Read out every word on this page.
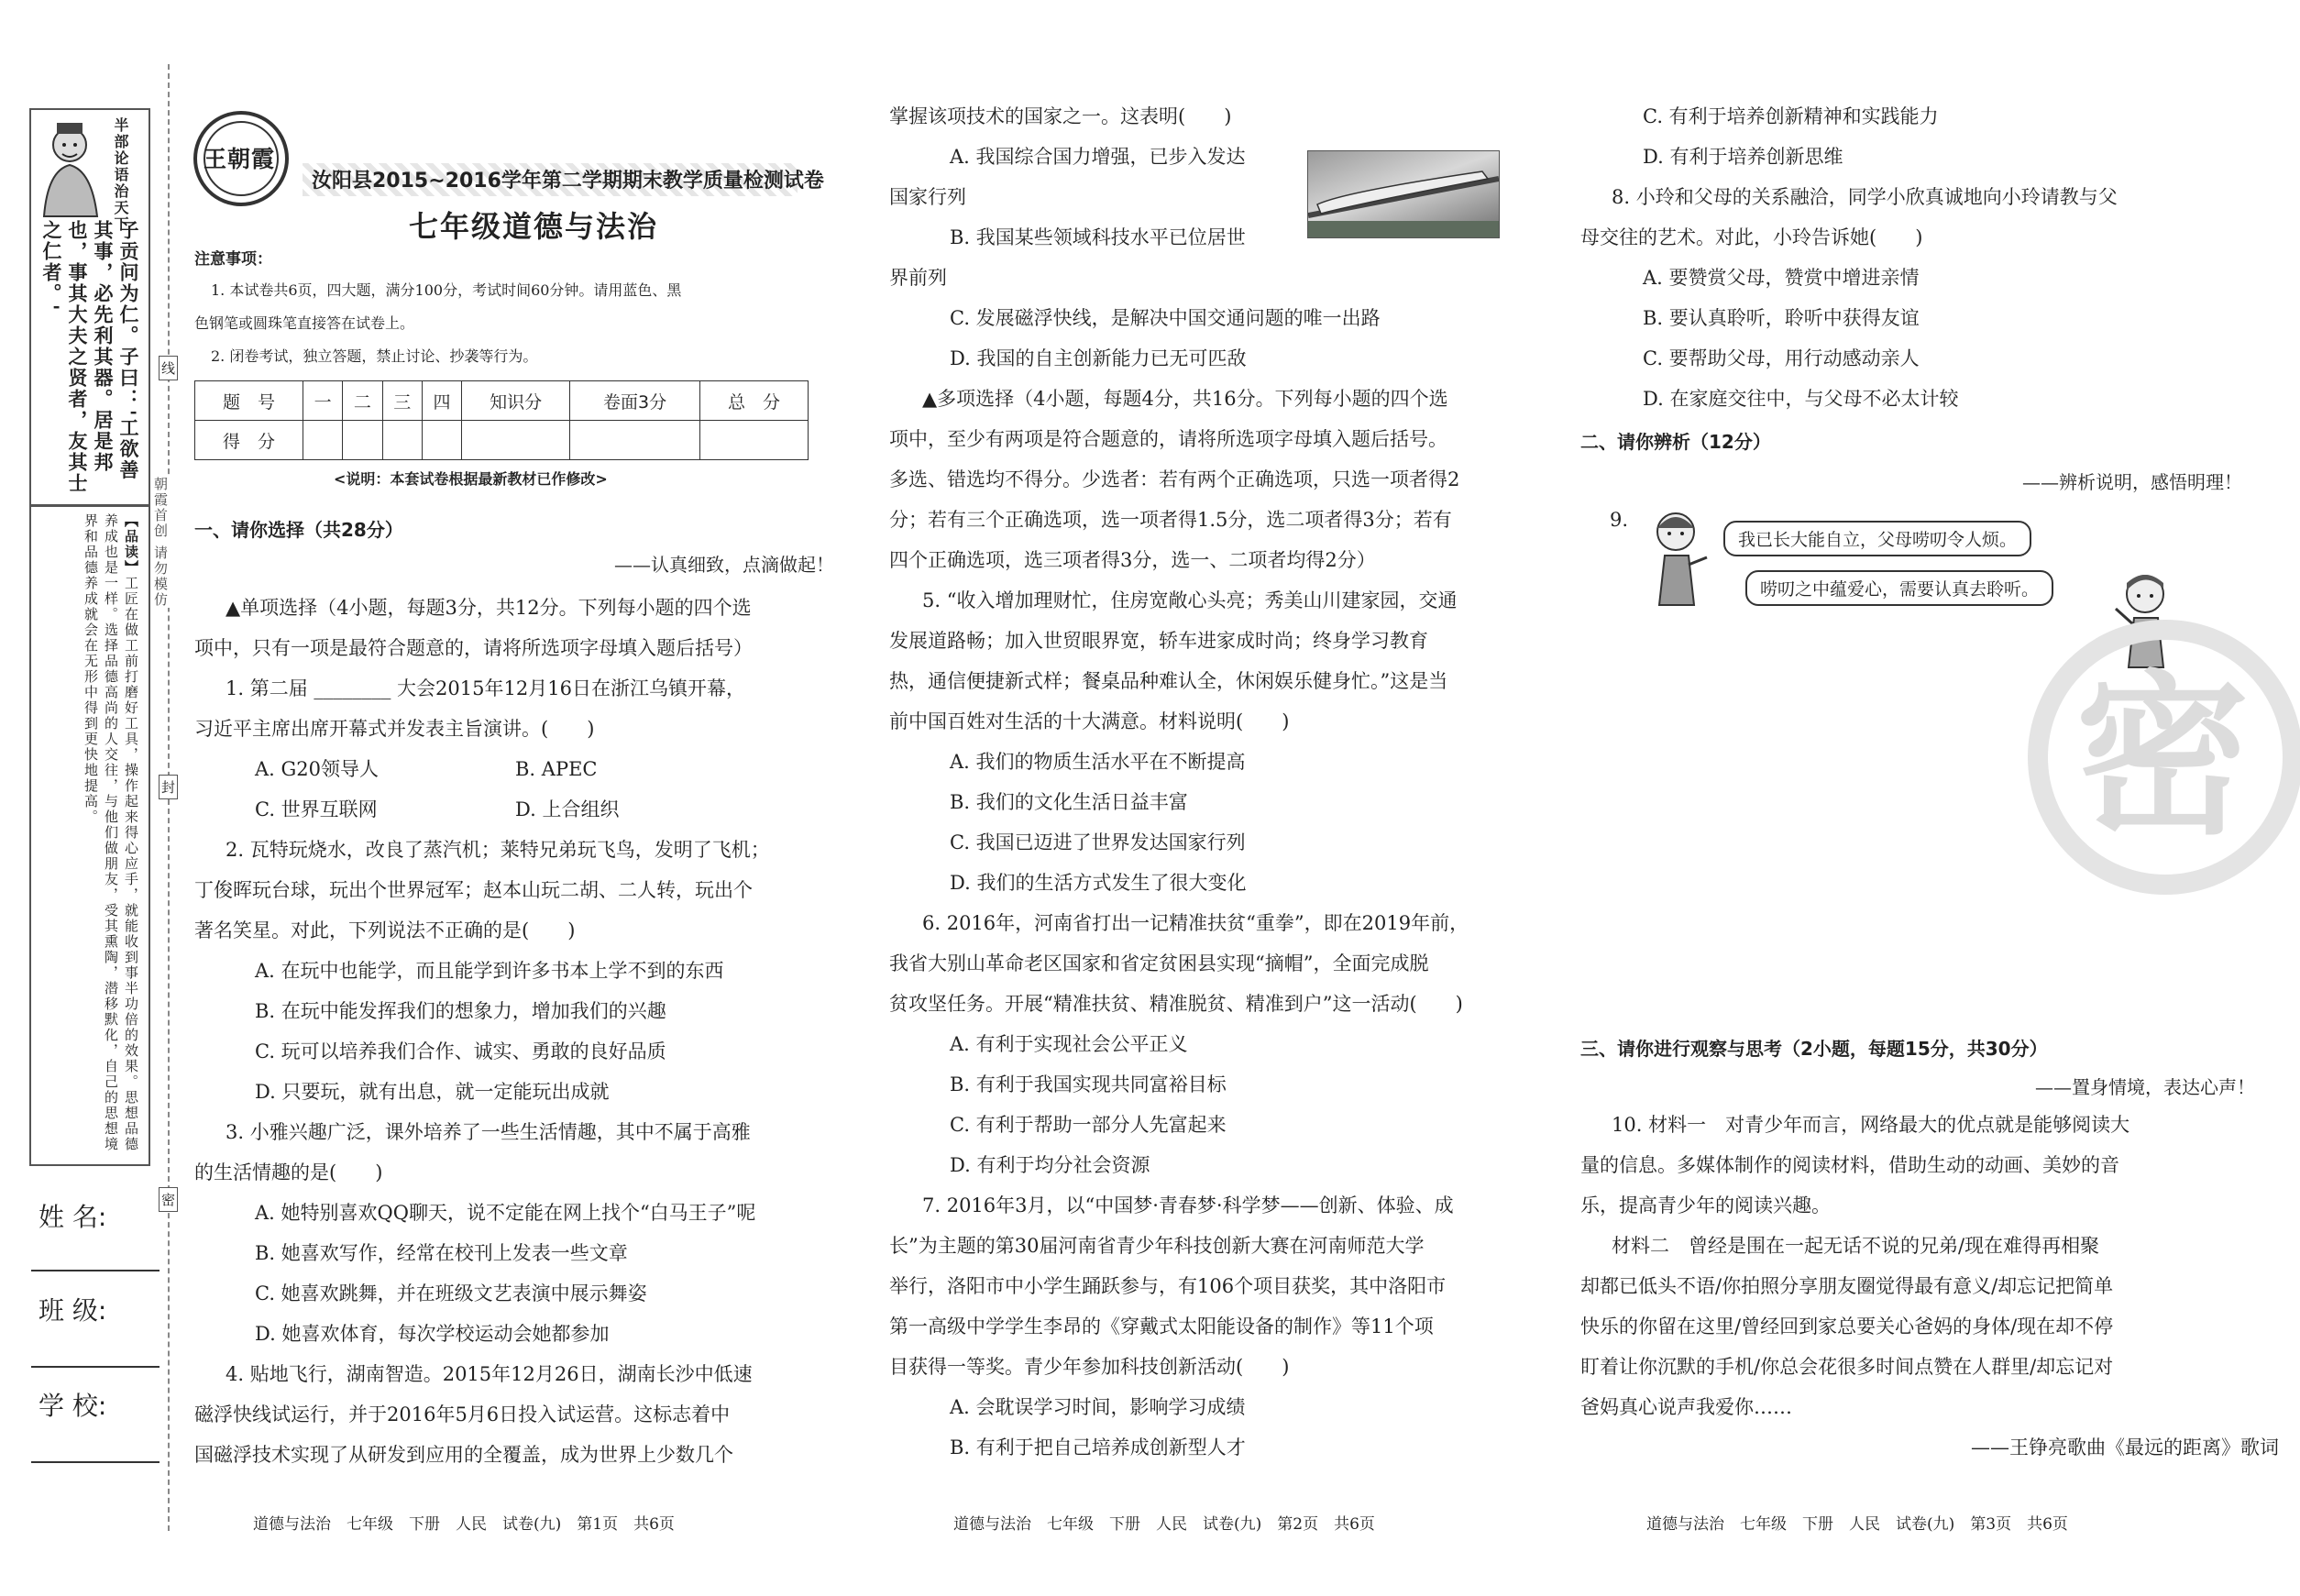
半部论语治天下
子贡问为仁。子曰：'工欲善其事，必先利其器。居是邦也，事其大夫之贤者，友其士之仁者。'
【品读】工匠在做工前打磨好工具，操作起来得心应手，就能收到事半功倍的效果。思想品德养成也是一样。选择品德高尚的人交往，与他们做朋友，受其熏陶，潜移默化，自己的思想境界和品德养成就会在无形中得到更快地提高。	朝霞首创 请勿模仿
线
封
密
姓 名:
班 级:
学 校:
王朝霞
汝阳县2015~2016学年第二学期期末教学质量检测试卷
七年级道德与法治
注意事项：
1. 本试卷共6页，四大题，满分100分，考试时间60分钟。请用蓝色、黑
色钢笔或圆珠笔直接答在试卷上。
2. 闭卷考试，独立答题，禁止讨论、抄袭等行为。
题　号	一	二	三	四	知识分	卷面3分	总　分
得　分							
<说明：本套试卷根据最新教材已作修改>
一、请你选择（共28分）
——认真细致，点滴做起！
▲单项选择（4小题，每题3分，共12分。下列每小题的四个选
项中，只有一项是最符合题意的，请将所选项字母填入题后括号）
1. 第二届 ________ 大会2015年12月16日在浙江乌镇开幕，
习近平主席出席开幕式并发表主旨演讲。(　　)
A. G20领导人	B. APEC
C. 世界互联网	D. 上合组织
2. 瓦特玩烧水，改良了蒸汽机；莱特兄弟玩飞鸟，发明了飞机；
丁俊晖玩台球，玩出个世界冠军；赵本山玩二胡、二人转，玩出个
著名笑星。对此，下列说法不正确的是(　　)
A. 在玩中也能学，而且能学到许多书本上学不到的东西
B. 在玩中能发挥我们的想象力，增加我们的兴趣
C. 玩可以培养我们合作、诚实、勇敢的良好品质
D. 只要玩，就有出息，就一定能玩出成就
3. 小雅兴趣广泛，课外培养了一些生活情趣，其中不属于高雅
的生活情趣的是(　　)
A. 她特别喜欢QQ聊天，说不定能在网上找个“白马王子”呢
B. 她喜欢写作，经常在校刊上发表一些文章
C. 她喜欢跳舞，并在班级文艺表演中展示舞姿
D. 她喜欢体育，每次学校运动会她都参加
4. 贴地飞行，湖南智造。2015年12月26日，湖南长沙中低速
磁浮快线试运行，并于2016年5月6日投入试运营。这标志着中
国磁浮技术实现了从研发到应用的全覆盖，成为世界上少数几个
道德与法治　七年级　下册　人民　试卷(九)　第1页　共6页
掌握该项技术的国家之一。这表明(　　)
A. 我国综合国力增强，已步入发达
国家行列
B. 我国某些领域科技水平已位居世
界前列
C. 发展磁浮快线，是解决中国交通问题的唯一出路
D. 我国的自主创新能力已无可匹敌
▲多项选择（4小题，每题4分，共16分。下列每小题的四个选
项中，至少有两项是符合题意的，请将所选项字母填入题后括号。
多选、错选均不得分。少选者：若有两个正确选项，只选一项者得2
分；若有三个正确选项，选一项者得1.5分，选二项者得3分；若有
四个正确选项，选三项者得3分，选一、二项者均得2分）
5. “收入增加理财忙，住房宽敞心头亮；秀美山川建家园，交通
发展道路畅；加入世贸眼界宽，轿车进家成时尚；终身学习教育
热，通信便捷新式样；餐桌品种难认全，休闲娱乐健身忙。”这是当
前中国百姓对生活的十大满意。材料说明(　　)
A. 我们的物质生活水平在不断提高
B. 我们的文化生活日益丰富
C. 我国已迈进了世界发达国家行列
D. 我们的生活方式发生了很大变化
6. 2016年，河南省打出一记精准扶贫“重拳”，即在2019年前，
我省大别山革命老区国家和省定贫困县实现“摘帽”，全面完成脱
贫攻坚任务。开展“精准扶贫、精准脱贫、精准到户”这一活动(　　)
A. 有利于实现社会公平正义
B. 有利于我国实现共同富裕目标
C. 有利于帮助一部分人先富起来
D. 有利于均分社会资源
7. 2016年3月，以“中国梦·青春梦·科学梦——创新、体验、成
长”为主题的第30届河南省青少年科技创新大赛在河南师范大学
举行，洛阳市中小学生踊跃参与，有106个项目获奖，其中洛阳市
第一高级中学学生李昂的《穿戴式太阳能设备的制作》等11个项
目获得一等奖。青少年参加科技创新活动(　　)
A. 会耽误学习时间，影响学习成绩
B. 有利于把自己培养成创新型人才
道德与法治　七年级　下册　人民　试卷(九)　第2页　共6页
C. 有利于培养创新精神和实践能力
D. 有利于培养创新思维
8. 小玲和父母的关系融洽，同学小欣真诚地向小玲请教与父
母交往的艺术。对此，小玲告诉她(　　)
A. 要赞赏父母，赞赏中增进亲情
B. 要认真聆听，聆听中获得友谊
C. 要帮助父母，用行动感动亲人
D. 在家庭交往中，与父母不必太计较
二、请你辨析（12分）
——辨析说明，感悟明理！
9.
我已长大能自立，父母唠叨令人烦。
唠叨之中蕴爱心，需要认真去聆听。
密
三、请你进行观察与思考（2小题，每题15分，共30分）
——置身情境，表达心声！
10. 材料一　对青少年而言，网络最大的优点就是能够阅读大
量的信息。多媒体制作的阅读材料，借助生动的动画、美妙的音
乐，提高青少年的阅读兴趣。
材料二　曾经是围在一起无话不说的兄弟/现在难得再相聚
却都已低头不语/你拍照分享朋友圈觉得最有意义/却忘记把简单
快乐的你留在这里/曾经回到家总要关心爸妈的身体/现在却不停
盯着让你沉默的手机/你总会花很多时间点赞在人群里/却忘记对
爸妈真心说声我爱你……
——王铮亮歌曲《最远的距离》歌词
道德与法治　七年级　下册　人民　试卷(九)　第3页　共6页
